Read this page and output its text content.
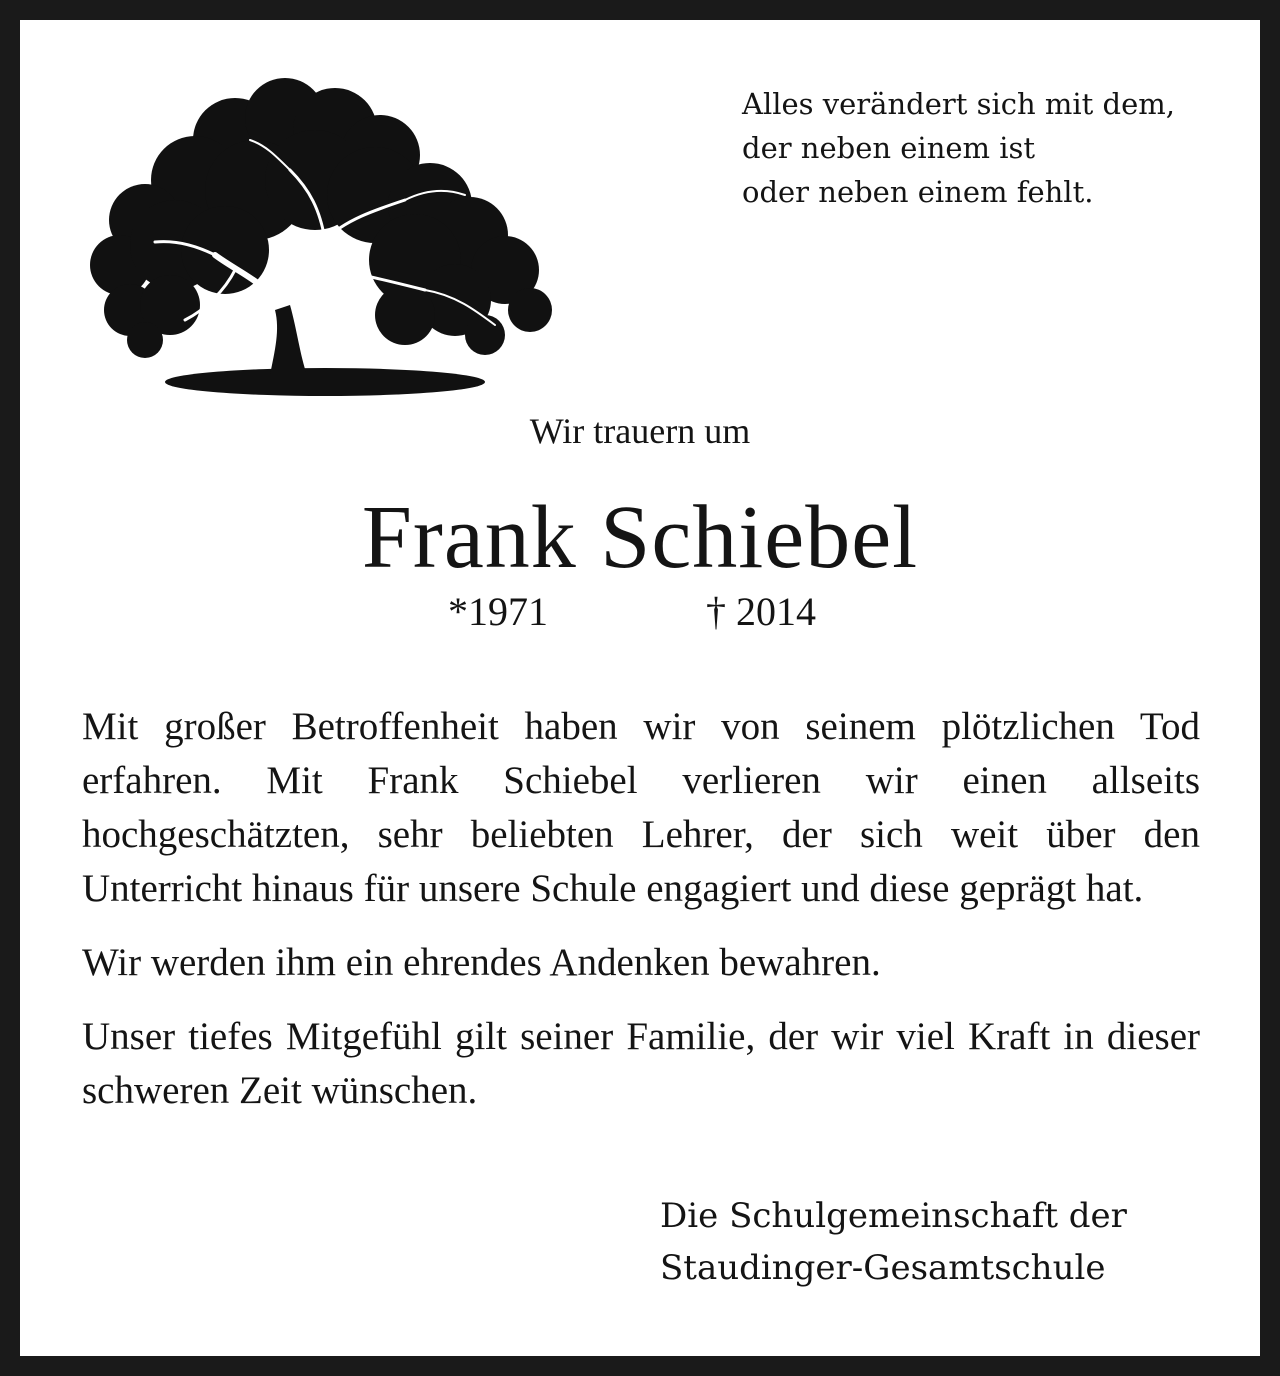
Alles verändert sich mit dem,
der neben einem ist
oder neben einem fehlt.
Wir trauern um
Frank Schiebel
*1971	† 2014

Mit großer Betroffenheit haben wir von seinem plötzlichen Tod erfahren. Mit Frank Schiebel verlieren wir einen allseits hochgeschätzten, sehr beliebten Lehrer, der sich weit über den Unterricht hinaus für unsere Schule engagiert und diese geprägt hat.

Wir werden ihm ein ehrendes Andenken bewahren.

Unser tiefes Mitgefühl gilt seiner Familie, der wir viel Kraft in dieser schweren Zeit wünschen.

Die Schulgemeinschaft der
Staudinger-Gesamtschule
